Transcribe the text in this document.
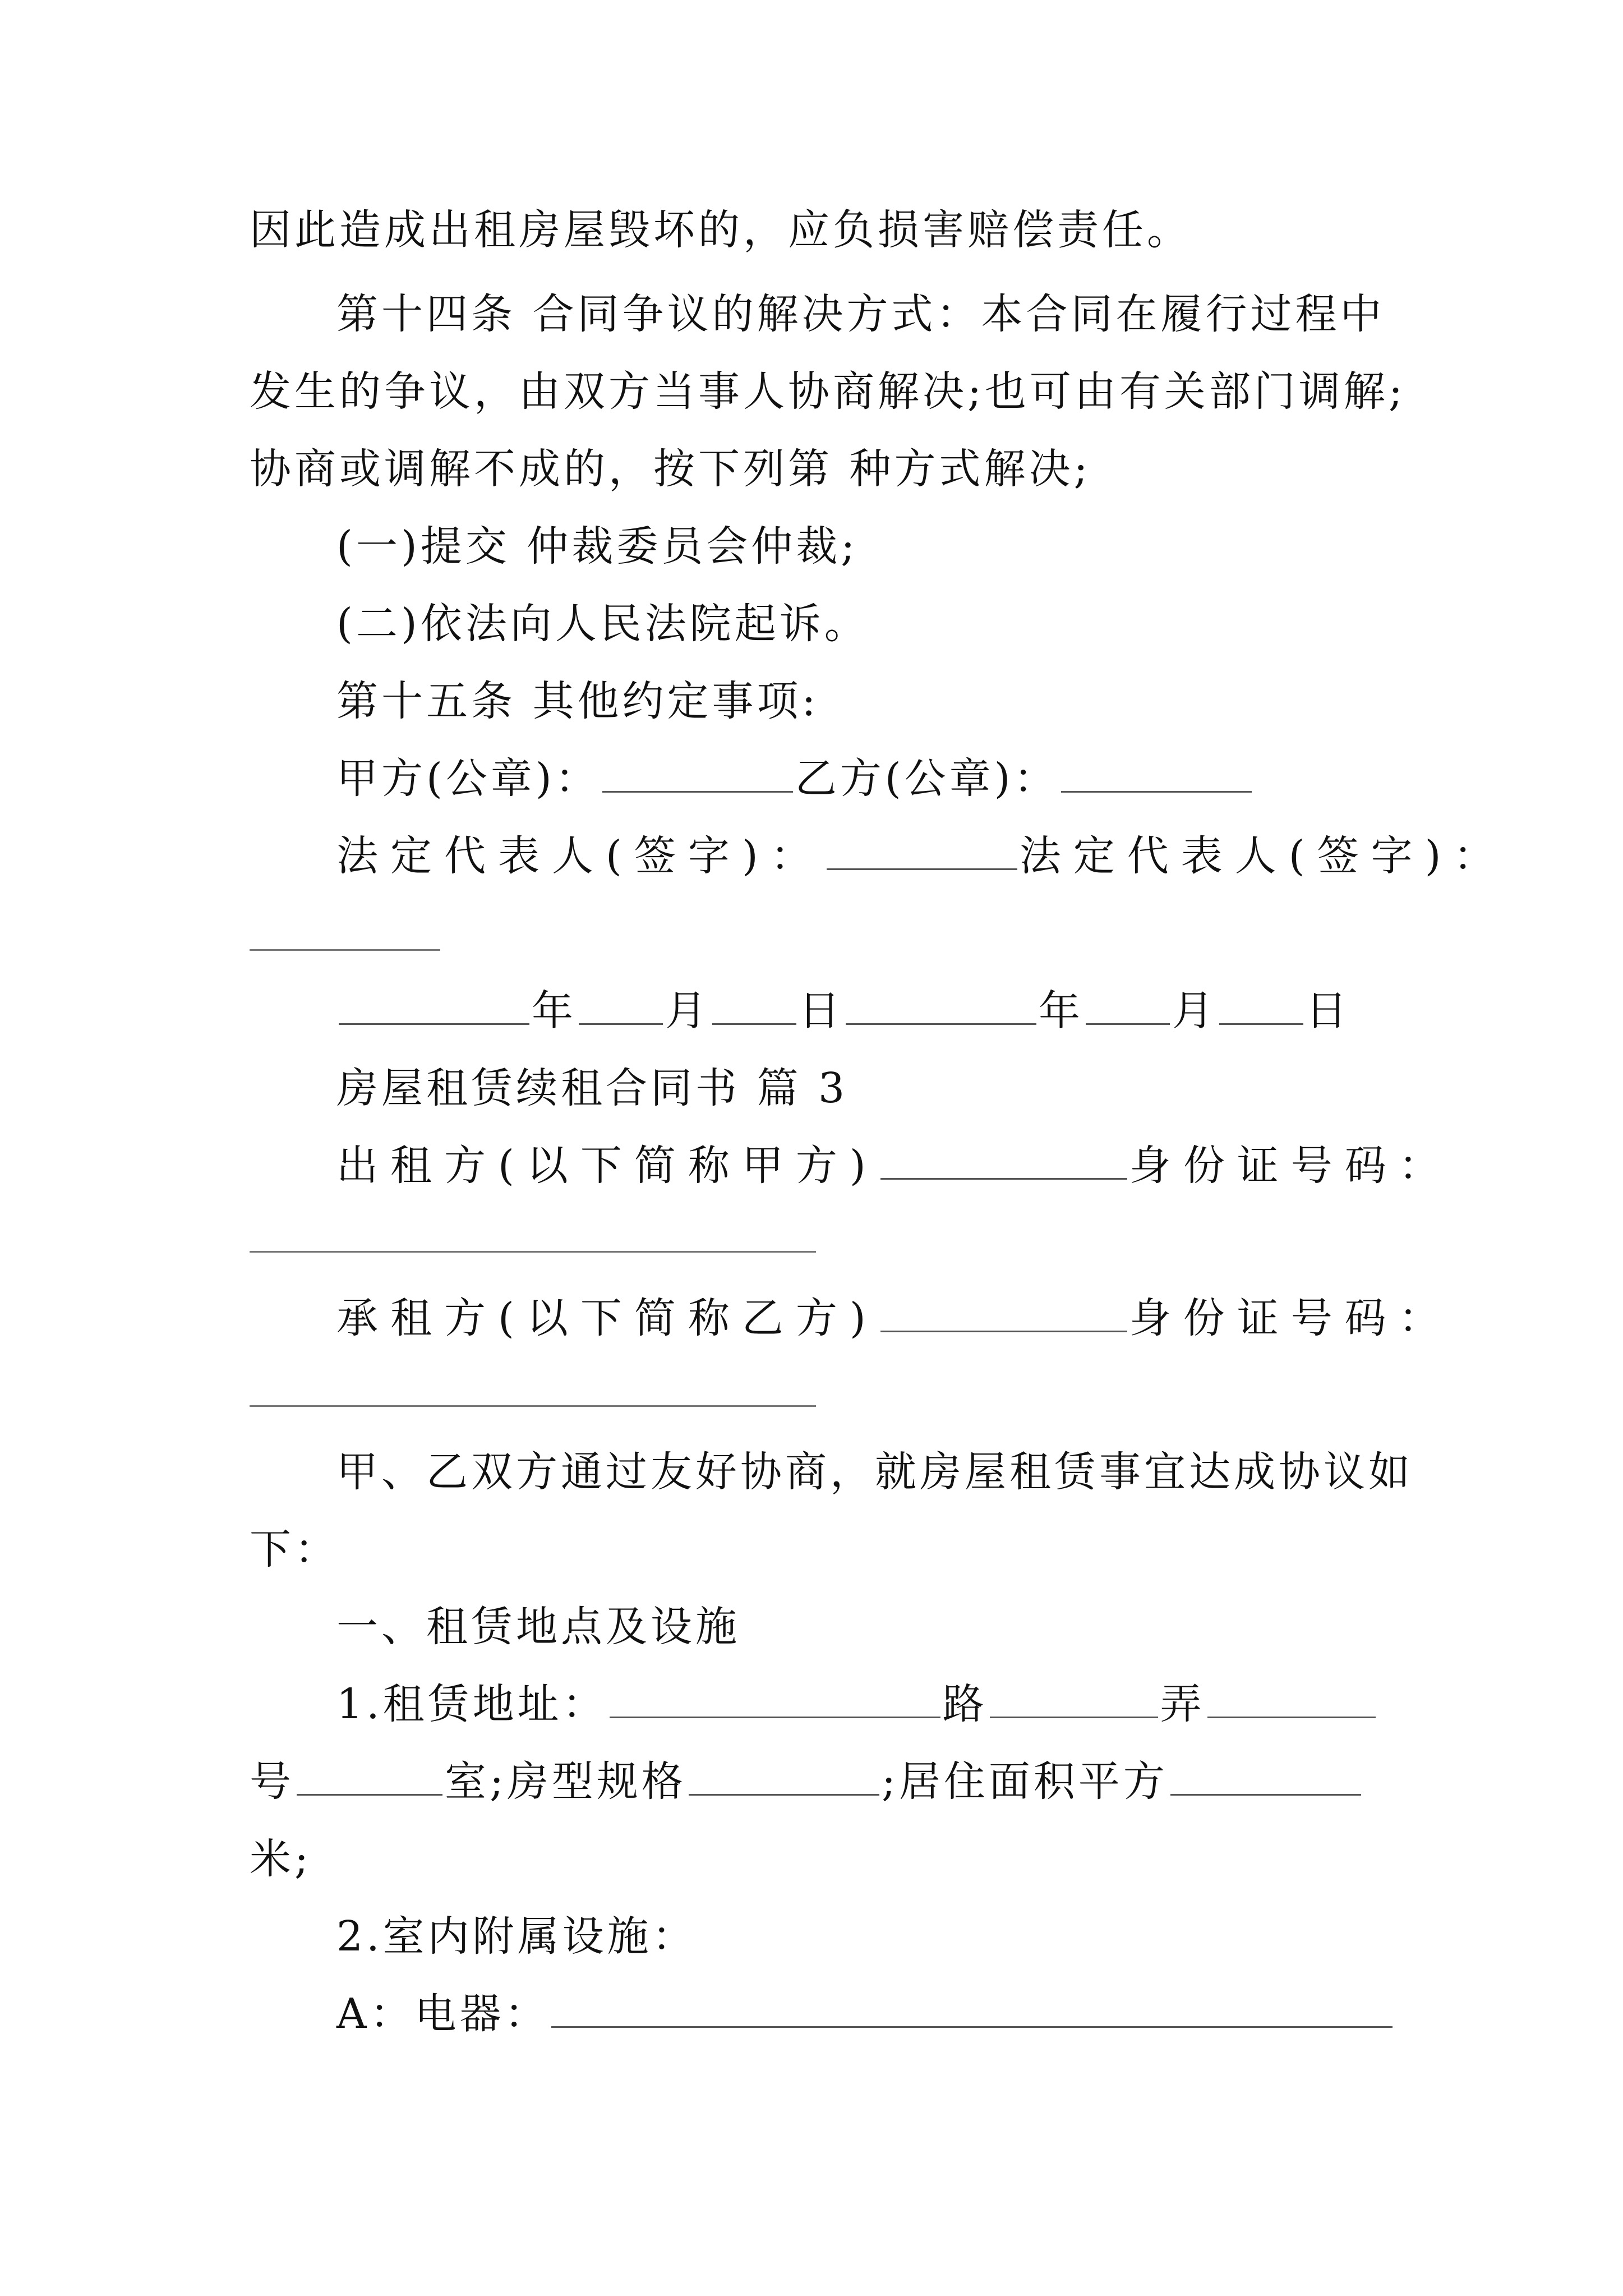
因此造成出租房屋毁坏的，应负损害赔偿责任。
第十四条 合同争议的解决方式：本合同在履行过程中
发生的争议，由双方当事人协商解决;也可由有关部门调解;
协商或调解不成的，按下列第 种方式解决;
(一)提交 仲裁委员会仲裁;
(二)依法向人民法院起诉。
第十五条 其他约定事项:
甲方(公章)：	乙方(公章)：
法定代表人(签字)：	法定代表人(签字)：
年 月 日	年 月 日
房屋租赁续租合同书 篇 3
出租方(以下简称甲方)	身份证号码：
承租方(以下简称乙方)	身份证号码：
甲、乙双方通过友好协商，就房屋租赁事宜达成协议如
下：
一、租赁地点及设施
1.租赁地址：	路	弄
号	室;房型规格	;居住面积平方
米;
2.室内附属设施：
A：电器：
